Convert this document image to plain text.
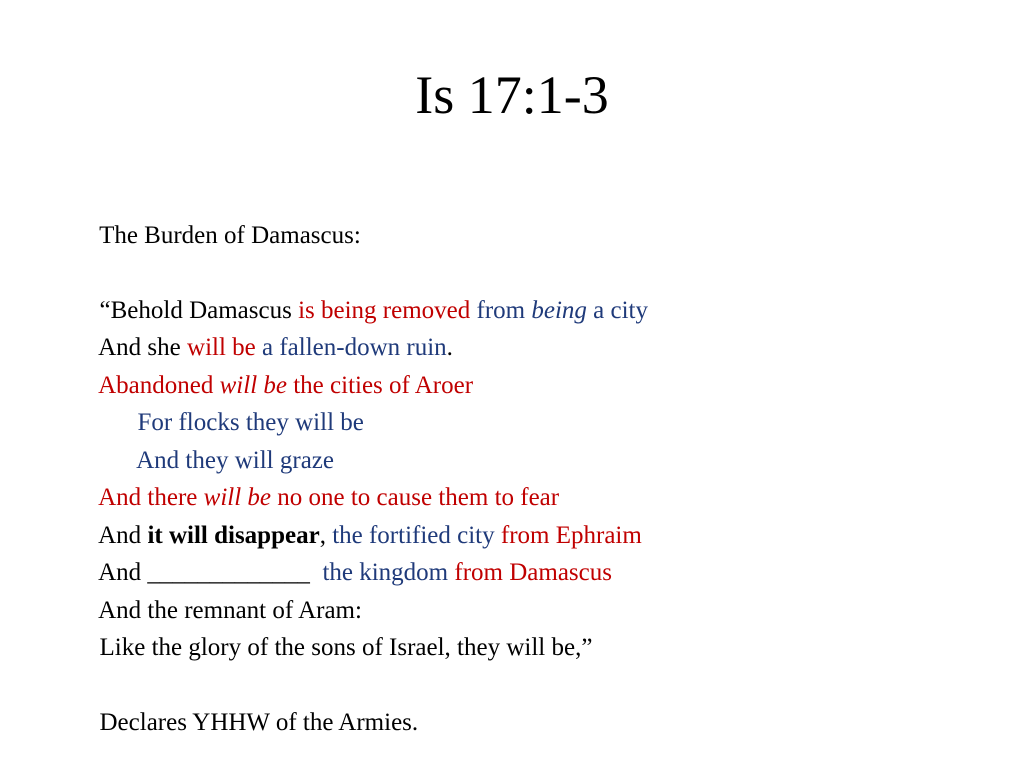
Is 17:1-3

The Burden of Damascus:

“Behold Damascus is being removed from being a city

And she will be a fallen-down ruin.

Abandoned will be the cities of Aroer

For flocks they will be

And they will graze

And there will be no one to cause them to fear

And it will disappear, the fortified city from Ephraim

And _____________  the kingdom from Damascus

And the remnant of Aram:

Like the glory of the sons of Israel, they will be,”

Declares YHHW of the Armies.
